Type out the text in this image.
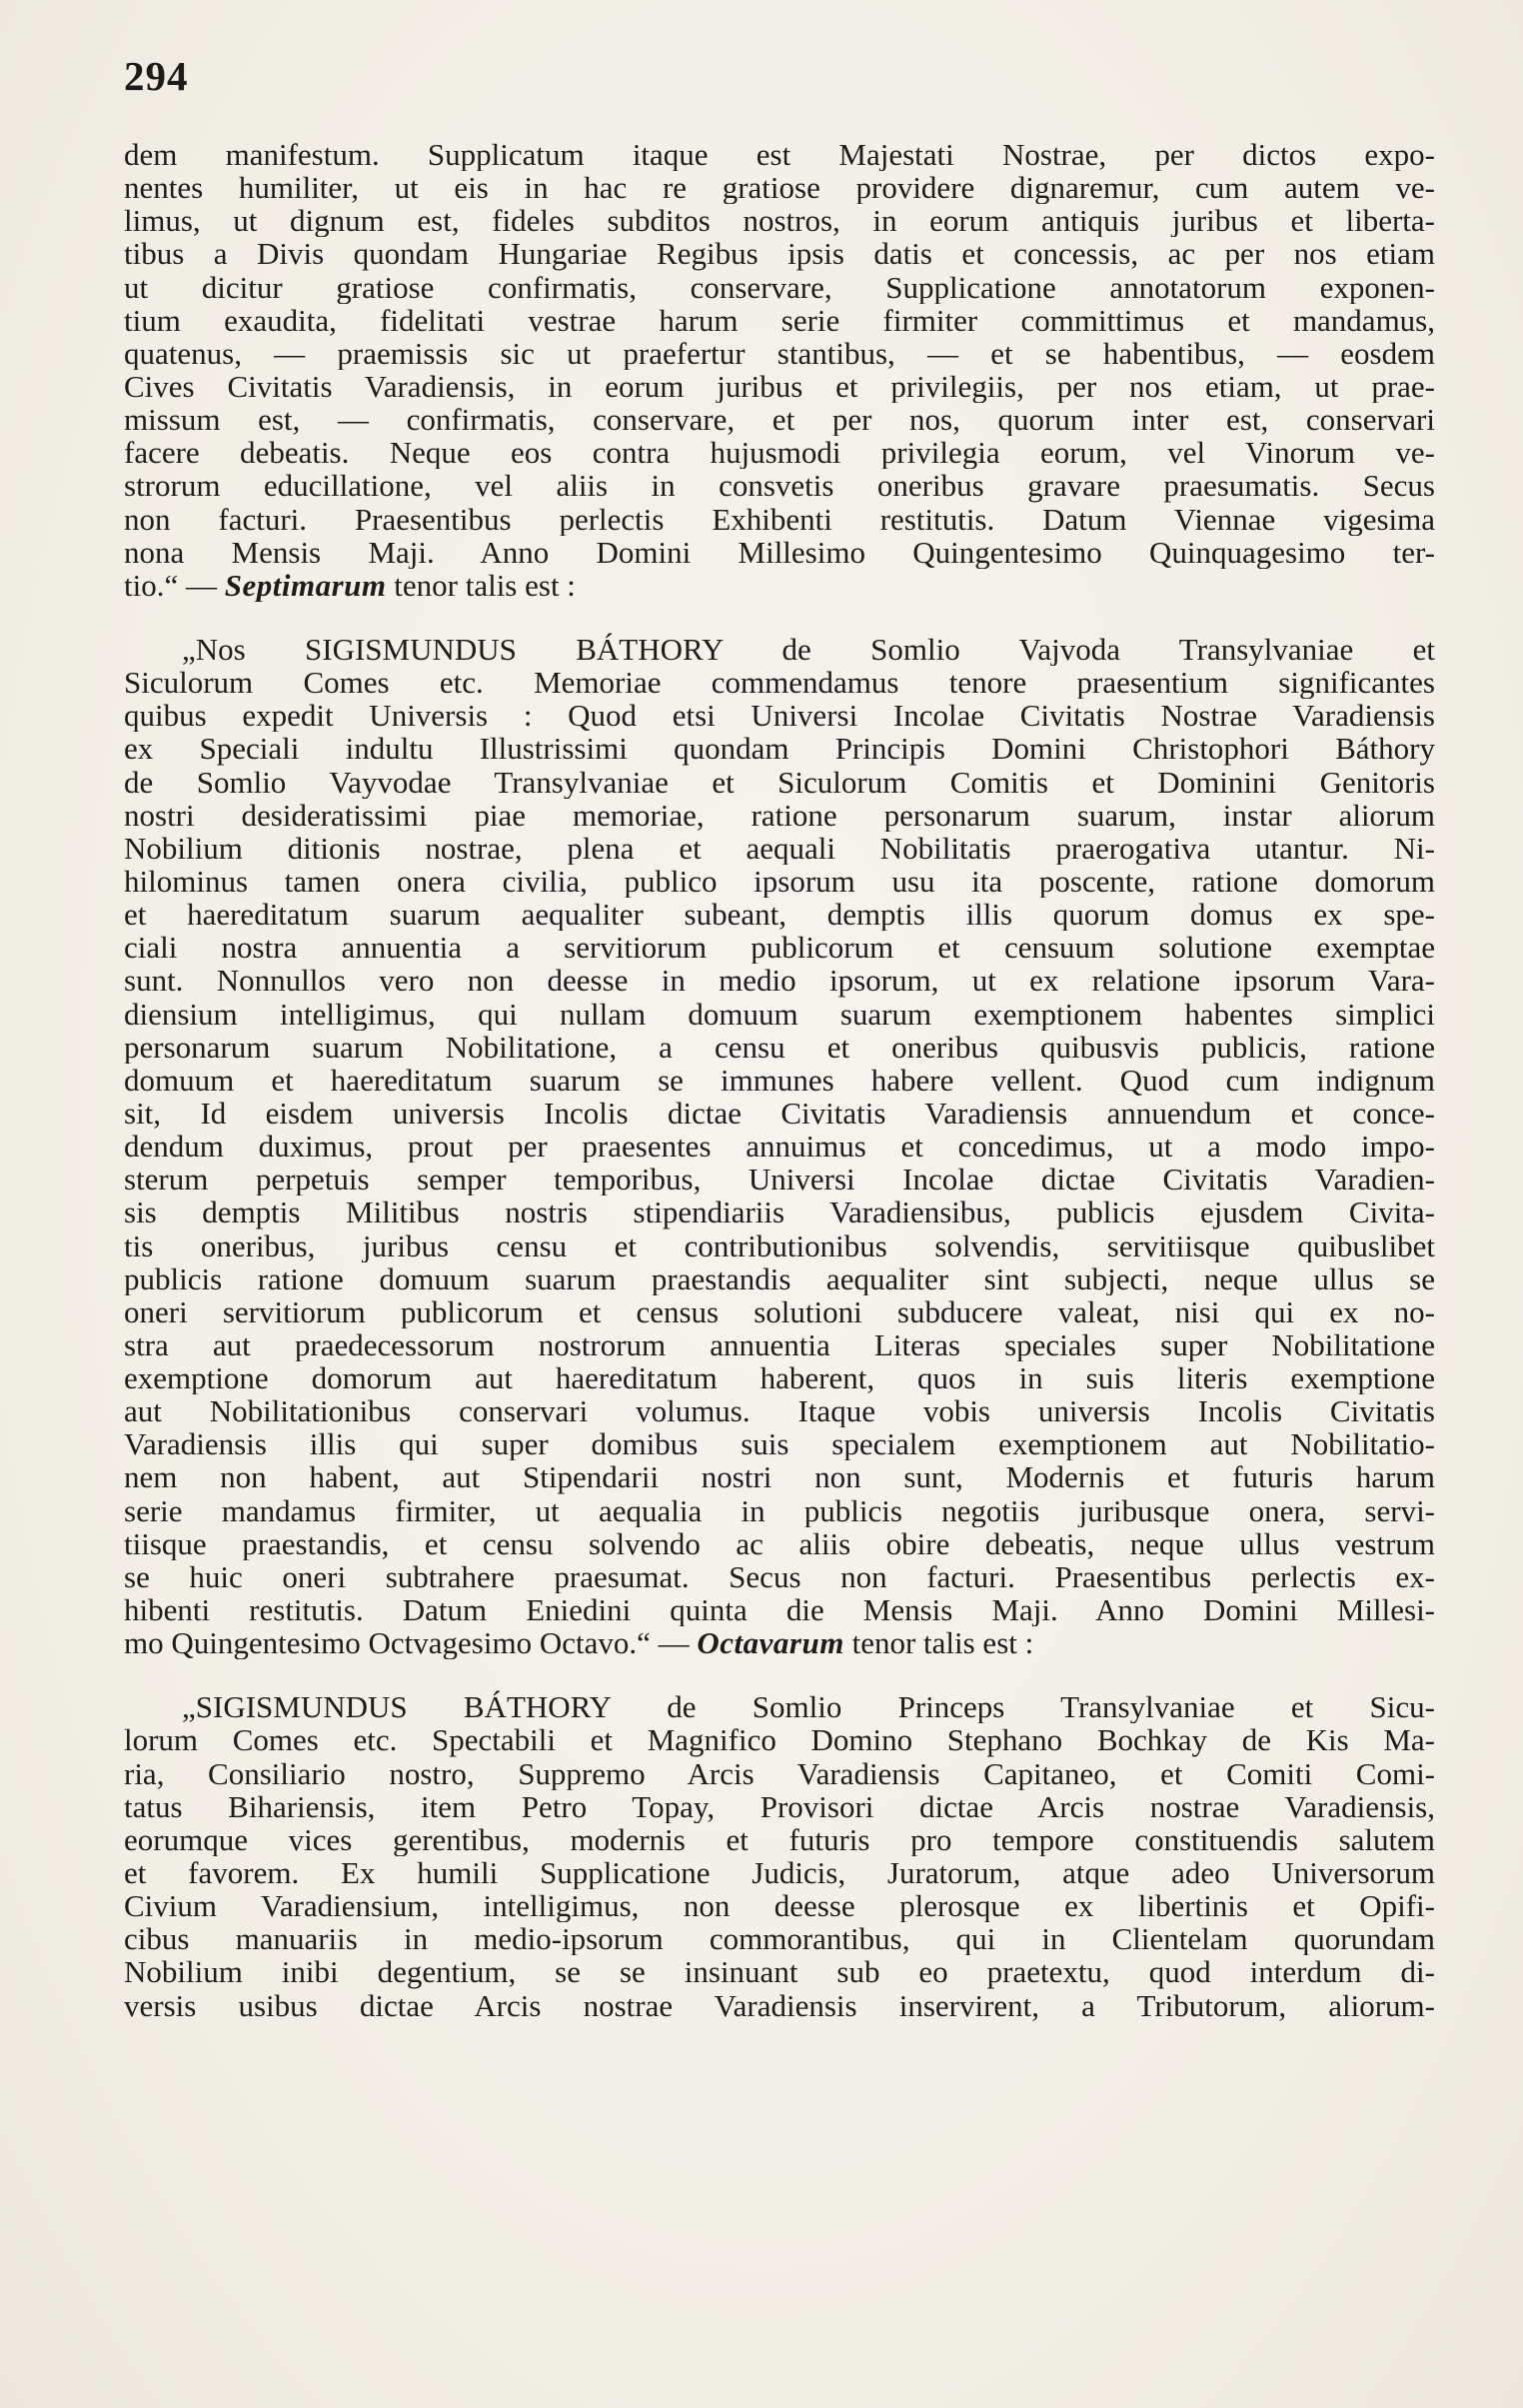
294
dem manifestum. Supplicatum itaque est Majestati Nostrae, per dictos expo-
nentes humiliter, ut eis in hac re gratiose providere dignaremur, cum autem ve-
limus, ut dignum est, fideles subditos nostros, in eorum antiquis juribus et liberta-
tibus a Divis quondam Hungariae Regibus ipsis datis et concessis, ac per nos etiam
ut dicitur gratiose confirmatis, conservare, Supplicatione annotatorum exponen-
tium exaudita, fidelitati vestrae harum serie firmiter committimus et mandamus,
quatenus, — praemissis sic ut praefertur stantibus, — et se habentibus, — eosdem
Cives Civitatis Varadiensis, in eorum juribus et privilegiis, per nos etiam, ut prae-
missum est, — confirmatis, conservare, et per nos, quorum inter est, conservari
facere debeatis. Neque eos contra hujusmodi privilegia eorum, vel Vinorum ve-
strorum educillatione, vel aliis in consvetis oneribus gravare praesumatis. Secus
non facturi. Praesentibus perlectis Exhibenti restitutis. Datum Viennae vigesima
nona Mensis Maji. Anno Domini Millesimo Quingentesimo Quinquagesimo ter-
tio.“ — Septimarum tenor talis est :
„Nos SIGISMUNDUS BÁTHORY de Somlio Vajvoda Transylvaniae et
Siculorum Comes etc. Memoriae commendamus tenore praesentium significantes
quibus expedit Universis : Quod etsi Universi Incolae Civitatis Nostrae Varadiensis
ex Speciali indultu Illustrissimi quondam Principis Domini Christophori Báthory
de Somlio Vayvodae Transylvaniae et Siculorum Comitis et Dominini Genitoris
nostri desideratissimi piae memoriae, ratione personarum suarum, instar aliorum
Nobilium ditionis nostrae, plena et aequali Nobilitatis praerogativa utantur. Ni-
hilominus tamen onera civilia, publico ipsorum usu ita poscente, ratione domorum
et haereditatum suarum aequaliter subeant, demptis illis quorum domus ex spe-
ciali nostra annuentia a servitiorum publicorum et censuum solutione exemptae
sunt. Nonnullos vero non deesse in medio ipsorum, ut ex relatione ipsorum Vara-
diensium intelligimus, qui nullam domuum suarum exemptionem habentes simplici
personarum suarum Nobilitatione, a censu et oneribus quibusvis publicis, ratione
domuum et haereditatum suarum se immunes habere vellent. Quod cum indignum
sit, Id eisdem universis Incolis dictae Civitatis Varadiensis annuendum et conce-
dendum duximus, prout per praesentes annuimus et concedimus, ut a modo impo-
sterum perpetuis semper temporibus, Universi Incolae dictae Civitatis Varadien-
sis demptis Militibus nostris stipendiariis Varadiensibus, publicis ejusdem Civita-
tis oneribus, juribus censu et contributionibus solvendis, servitiisque quibuslibet
publicis ratione domuum suarum praestandis aequaliter sint subjecti, neque ullus se
oneri servitiorum publicorum et census solutioni subducere valeat, nisi qui ex no-
stra aut praedecessorum nostrorum annuentia Literas speciales super Nobilitatione
exemptione domorum aut haereditatum haberent, quos in suis literis exemptione
aut Nobilitationibus conservari volumus. Itaque vobis universis Incolis Civitatis
Varadiensis illis qui super domibus suis specialem exemptionem aut Nobilitatio-
nem non habent, aut Stipendarii nostri non sunt, Modernis et futuris harum
serie mandamus firmiter, ut aequalia in publicis negotiis juribusque onera, servi-
tiisque praestandis, et censu solvendo ac aliis obire debeatis, neque ullus vestrum
se huic oneri subtrahere praesumat. Secus non facturi. Praesentibus perlectis ex-
hibenti restitutis. Datum Eniedini quinta die Mensis Maji. Anno Domini Millesi-
mo Quingentesimo Octvagesimo Octavo.“ — Octavarum tenor talis est :
„SIGISMUNDUS BÁTHORY de Somlio Princeps Transylvaniae et Sicu-
lorum Comes etc. Spectabili et Magnifico Domino Stephano Bochkay de Kis Ma-
ria, Consiliario nostro, Suppremo Arcis Varadiensis Capitaneo, et Comiti Comi-
tatus Bihariensis, item Petro Topay, Provisori dictae Arcis nostrae Varadiensis,
eorumque vices gerentibus, modernis et futuris pro tempore constituendis salutem
et favorem. Ex humili Supplicatione Judicis, Juratorum, atque adeo Universorum
Civium Varadiensium, intelligimus, non deesse plerosque ex libertinis et Opifi-
cibus manuariis in medio-ipsorum commorantibus, qui in Clientelam quorundam
Nobilium inibi degentium, se se insinuant sub eo praetextu, quod interdum di-
versis usibus dictae Arcis nostrae Varadiensis inservirent, a Tributorum, aliorum-
